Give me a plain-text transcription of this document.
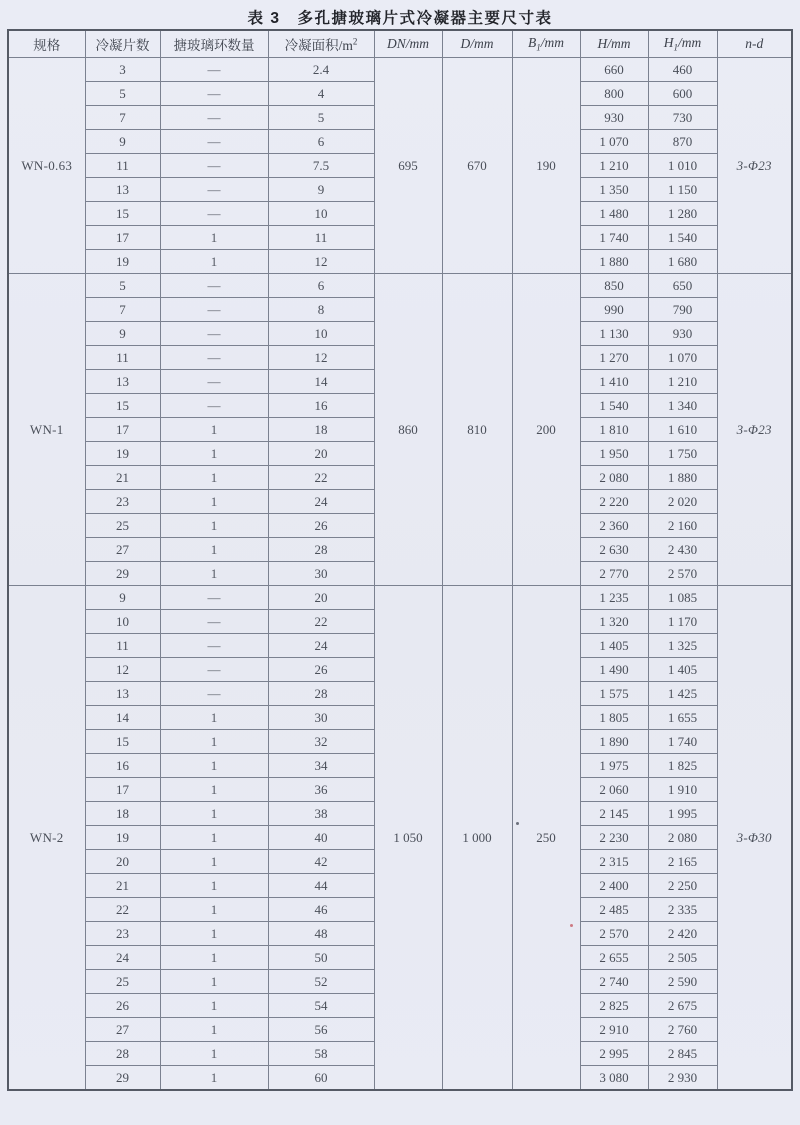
表 3　多孔搪玻璃片式冷凝器主要尺寸表
规格	冷凝片数	搪玻璃环数量	冷凝面积$/m^2$	DN/mm	D/mm	$B_1/mm$	H/mm	$H_1/mm$	n-d
WN-0.63	3	—	2.4	695	670	190	660	460	3-Φ23
	5	—	4				800	600	
	7	—	5				930	730	
	9	—	6				1 070	870	
	11	—	7.5				1 210	1 010	
	13	—	9				1 350	1 150	
	15	—	10				1 480	1 280	
	17	1	11				1 740	1 540	
	19	1	12				1 880	1 680	
WN-1	5	—	6	860	810	200	850	650	3-Φ23
	7	—	8				990	790	
	9	—	10				1 130	930	
	11	—	12				1 270	1 070	
	13	—	14				1 410	1 210	
	15	—	16				1 540	1 340	
	17	1	18				1 810	1 610	
	19	1	20				1 950	1 750	
	21	1	22				2 080	1 880	
	23	1	24				2 220	2 020	
	25	1	26				2 360	2 160	
	27	1	28				2 630	2 430	
	29	1	30				2 770	2 570	
WN-2	9	—	20	1 050	1 000	250	1 235	1 085	3-Φ30
	10	—	22				1 320	1 170	
	11	—	24				1 405	1 325	
	12	—	26				1 490	1 405	
	13	—	28				1 575	1 425	
	14	1	30				1 805	1 655	
	15	1	32				1 890	1 740	
	16	1	34				1 975	1 825	
	17	1	36				2 060	1 910	
	18	1	38				2 145	1 995	
	19	1	40				2 230	2 080	
	20	1	42				2 315	2 165	
	21	1	44				2 400	2 250	
	22	1	46				2 485	2 335	
	23	1	48				2 570	2 420	
	24	1	50				2 655	2 505	
	25	1	52				2 740	2 590	
	26	1	54				2 825	2 675	
	27	1	56				2 910	2 760	
	28	1	58				2 995	2 845	
	29	1	60				3 080	2 930	
